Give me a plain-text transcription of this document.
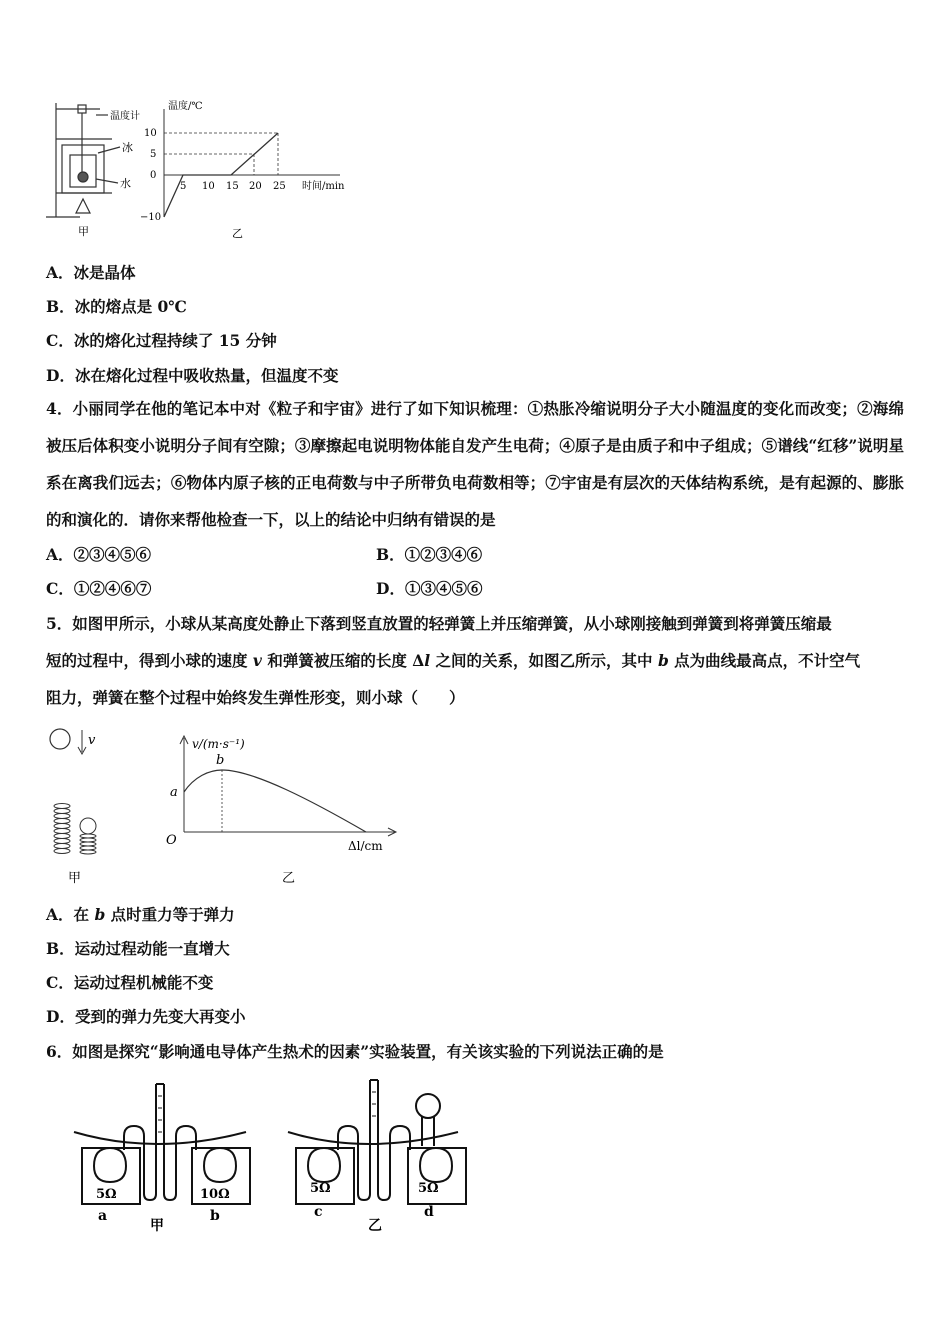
温度计
冰
水
甲
温度/℃
时间/min
10
5
0
−10
5 10 15 20 25
乙
A．冰是晶体
B．冰的熔点是 0℃
C．冰的熔化过程持续了 15 分钟
D．冰在熔化过程中吸收热量，但温度不变
4．小丽同学在他的笔记本中对《粒子和宇宙》进行了如下知识梳理：①热胀冷缩说明分子大小随温度的变化而改变；②海绵被压后体积变小说明分子间有空隙；③摩擦起电说明物体能自发产生电荷；④原子是由质子和中子组成；⑤谱线“红移”说明星系在离我们远去；⑥物体内原子核的正电荷数与中子所带负电荷数相等；⑦宇宙是有层次的天体结构系统，是有起源的、膨胀的和演化的．请你来帮他检查一下，以上的结论中归纳有错误的是
A．②③④⑤⑥	B．①②③④⑥
C．①②④⑥⑦	D．①③④⑤⑥
5．如图甲所示，小球从某高度处静止下落到竖直放置的轻弹簧上并压缩弹簧，从小球刚接触到弹簧到将弹簧压缩最
短的过程中，得到小球的速度 v 和弹簧被压缩的长度 Δl 之间的关系，如图乙所示，其中 b 点为曲线最高点，不计空气
阻力，弹簧在整个过程中始终发生弹性形变，则小球（　　）
v
甲
v/(m·s⁻¹)
Δl/cm
a
b
O
乙
A．在 b 点时重力等于弹力
B．运动过程动能一直增大
C．运动过程机械能不变
D．受到的弹力先变大再变小
6．如图是探究“影响通电导体产生热术的因素”实验装置，有关该实验的下列说法正确的是
5Ω	10Ω
a	b
甲
5Ω	5Ω
c	d
乙
